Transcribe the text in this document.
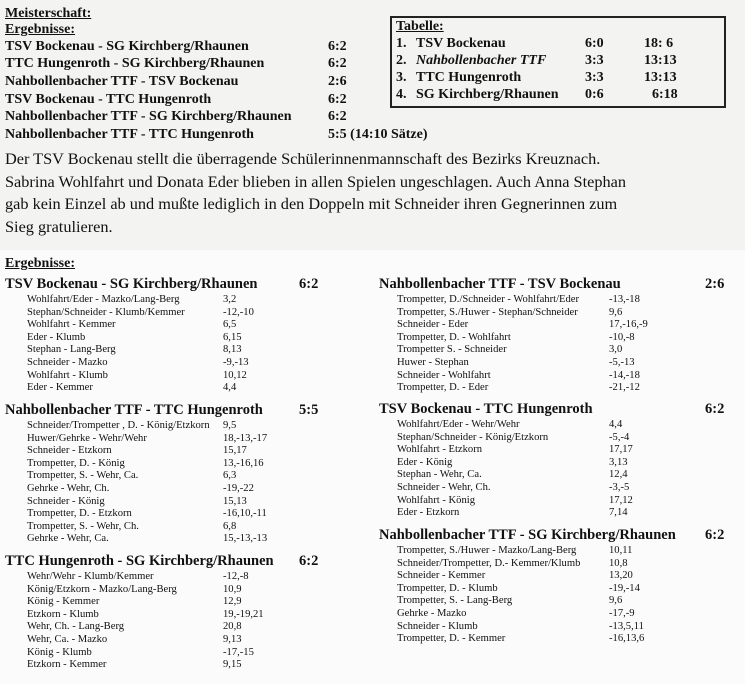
Meisterschaft:
Ergebnisse:
TSV Bockenau - SG Kirchberg/Rhaunen	6:2
TTC Hungenroth - SG Kirchberg/Rhaunen	6:2
Nahbollenbacher TTF - TSV Bockenau	2:6
TSV Bockenau - TTC Hungenroth	6:2
Nahbollenbacher TTF - SG Kirchberg/Rhaunen	6:2
Nahbollenbacher TTF - TTC Hungenroth	5:5 (14:10 Sätze)
Tabelle:
1. TSV Bockenau	6:0	18: 6
2. Nahbollenbacher TTF	3:3	13:13
3. TTC Hungenroth	3:3	13:13
4. SG Kirchberg/Rhaunen 0:6	6:18
Der TSV Bockenau stellt die überragende Schülerinnenmannschaft des Bezirks Kreuznach.
Sabrina Wohlfahrt und Donata Eder blieben in allen Spielen ungeschlagen. Auch Anna Stephan
gab kein Einzel ab und mußte lediglich in den Doppeln mit Schneider ihren Gegnerinnen zum
Sieg gratulieren.
Ergebnisse:
TSV Bockenau - SG Kirchberg/Rhaunen	6:2
Wohlfahrt/Eder - Mazko/Lang-Berg	3,2
Stephan/Schneider - Klumb/Kemmer	-12,-10
Wohlfahrt - Kemmer	6,5
Eder - Klumb	6,15
Stephan - Lang-Berg	8,13
Schneider - Mazko	-9,-13
Wohlfahrt - Klumb	10,12
Eder - Kemmer	4,4
Nahbollenbacher TTF - TTC Hungenroth 5:5
Schneider/Trompetter , D. - König/Etzkorn 9,5
Huwer/Gehrke - Wehr/Wehr	18,-13,-17
Schneider - Etzkorn	15,17
Trompetter, D. - König	13,-16,16
Trompetter, S. - Wehr, Ca.	6,3
Gehrke - Wehr, Ch.	-19,-22
Schneider - König	15,13
Trompetter, D. - Etzkorn	-16,10,-11
Trompetter, S. - Wehr, Ch.	6,8
Gehrke - Wehr, Ca.	15,-13,-13
TTC Hungenroth - SG Kirchberg/Rhaunen 6:2
Wehr/Wehr - Klumb/Kemmer	-12,-8
König/Etzkorn - Mazko/Lang-Berg	10,9
König - Kemmer	12,9
Etzkorn - Klumb	19,-19,21
Wehr, Ch. - Lang-Berg	20,8
Wehr, Ca. - Mazko	9,13
König - Klumb	-17,-15
Etzkorn - Kemmer	9,15
Nahbollenbacher TTF - TSV Bockenau	2:6
Trompetter, D./Schneider - Wohlfahrt/Eder	-13,-18
Trompetter, S./Huwer - Stephan/Schneider	9,6
Schneider - Eder	17,-16,-9
Trompetter, D. - Wohlfahrt	-10,-8
Trompetter S. - Schneider	3,0
Huwer - Stephan	-5,-13
Schneider - Wohlfahrt	-14,-18
Trompetter, D. - Eder	-21,-12
TSV Bockenau - TTC Hungenroth	6:2
Wohlfahrt/Eder - Wehr/Wehr	4,4
Stephan/Schneider - König/Etzkorn	-5,-4
Wohlfahrt - Etzkorn	17,17
Eder - König	3,13
Stephan - Wehr, Ca.	12,4
Schneider - Wehr, Ch.	-3,-5
Wohlfahrt - König	17,12
Eder - Etzkorn	7,14
Nahbollenbacher TTF - SG Kirchberg/Rhaunen 6:2
Trompetter, S./Huwer - Mazko/Lang-Berg	10,11
Schneider/Trompetter, D.- Kemmer/Klumb	10,8
Schneider - Kemmer	13,20
Trompetter, D. - Klumb	-19,-14
Trompetter, S. - Lang-Berg	9,6
Gehrke - Mazko	-17,-9
Schneider - Klumb	-13,5,11
Trompetter, D. - Kemmer	-16,13,6
